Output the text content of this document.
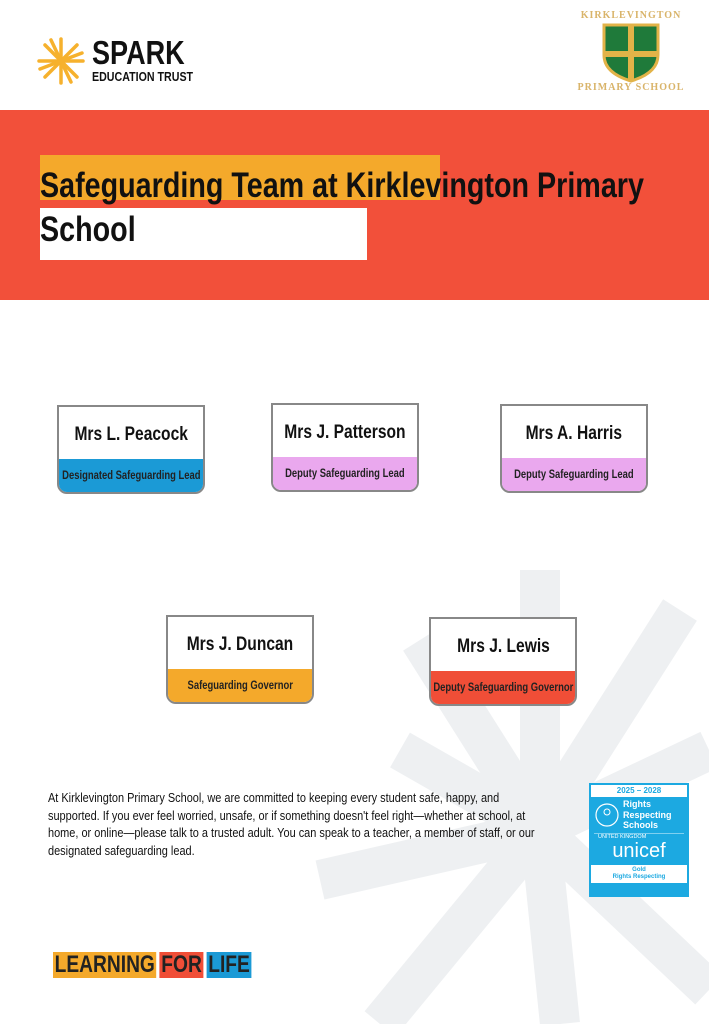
SPARK
EDUCATION TRUST
KIRKLEVINGTON
PRIMARY SCHOOL
Safeguarding Team at Kirklevington Primary
School
Mrs L. Peacock
Designated Safeguarding Lead
Mrs J. Patterson
Deputy Safeguarding Lead
Mrs A. Harris
Deputy Safeguarding Lead
Mrs J. Duncan
Safeguarding Governor
Mrs J. Lewis
Deputy Safeguarding Governor
At Kirklevington Primary School, we are committed to keeping every student safe, happy, and supported. If you ever feel worried, unsafe, or if something doesn't feel right—whether at school, at home, or online—please talk to a trusted adult. You can speak to a teacher, a member of staff, or our designated safeguarding lead.
2025 – 2028
Rights
Respecting
Schools
UNITED KINGDOM
unicef
Gold
Rights Respecting
LEARNING FOR LIFE
